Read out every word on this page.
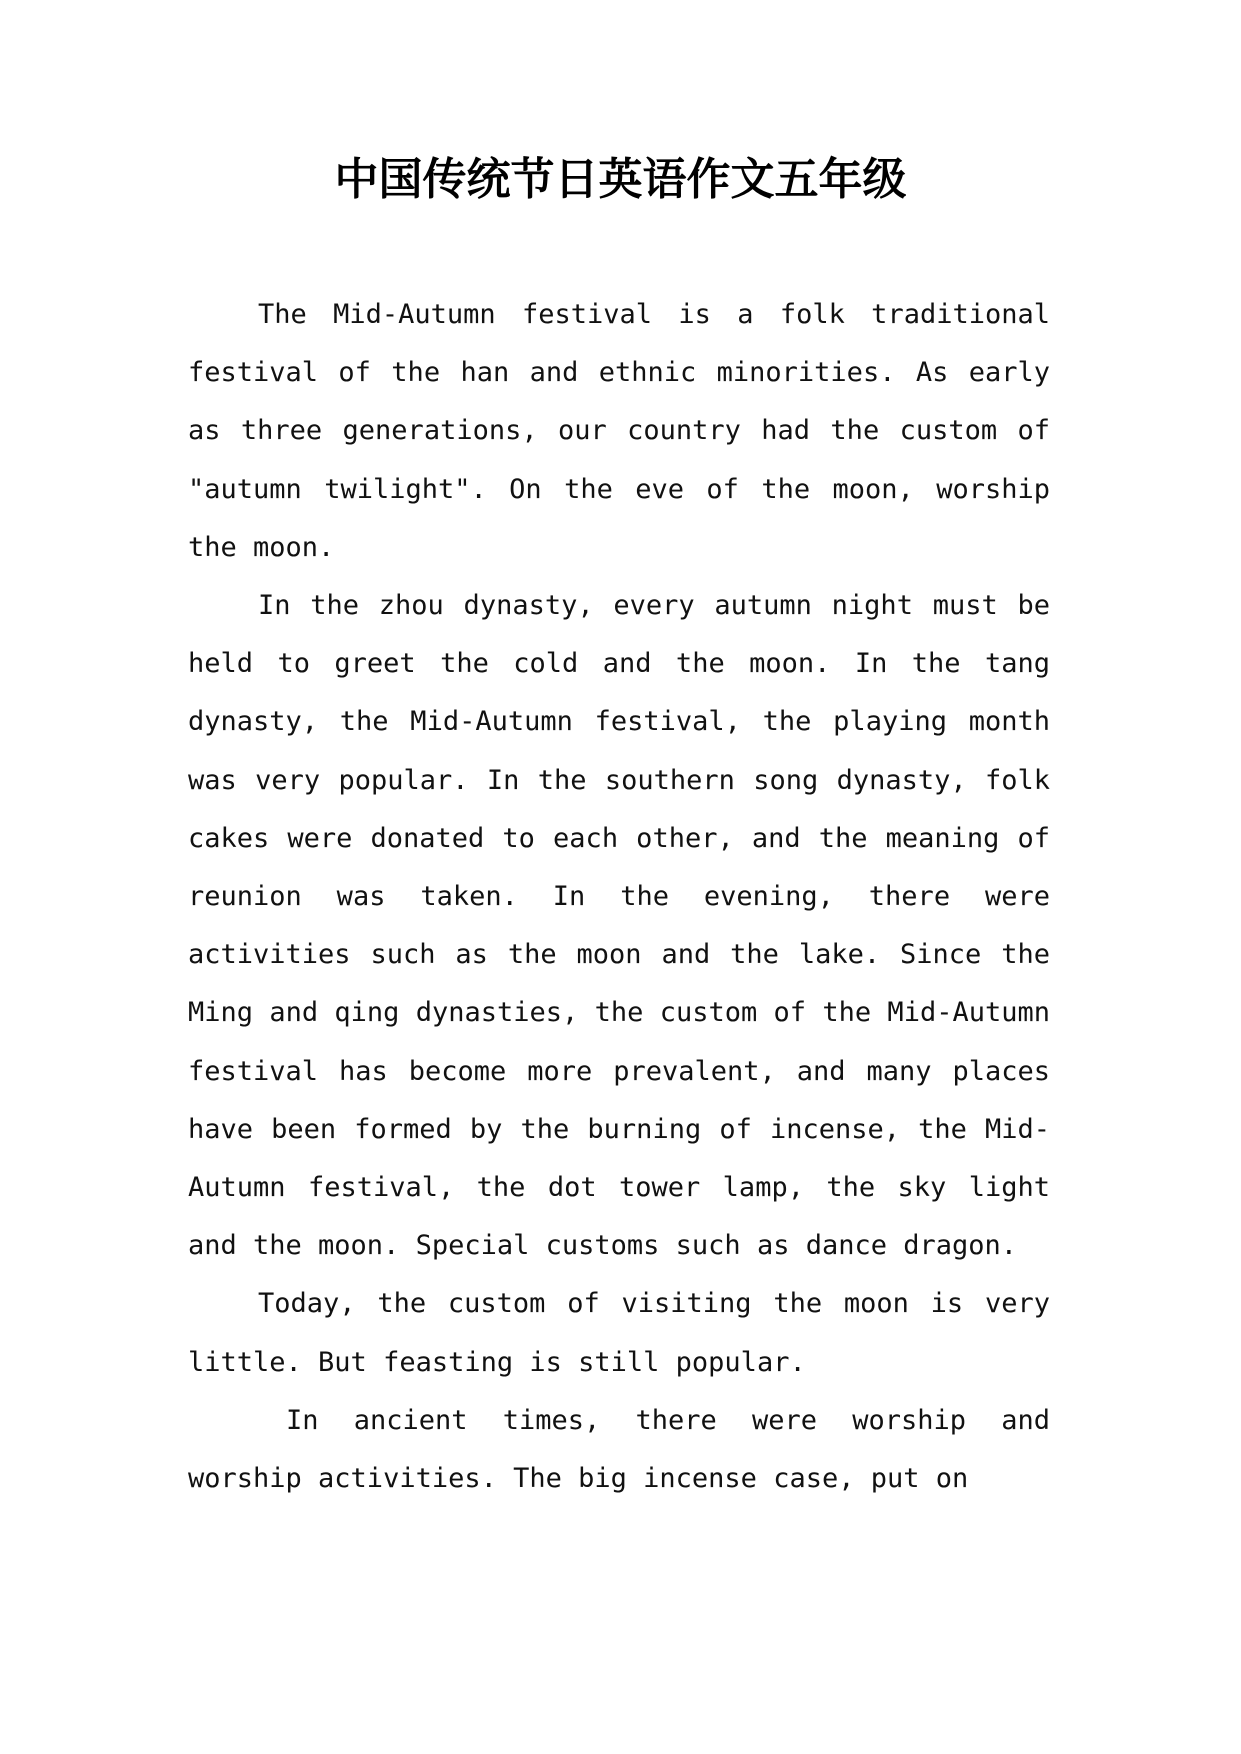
中国传统节日英语作文五年级

The Mid-Autumn festival is a folk traditional festival of the han and ethnic minorities. As early as three generations, our country had the custom of "autumn twilight". On the eve of the moon, worship the moon.

In the zhou dynasty, every autumn night must be held to greet the cold and the moon. In the tang dynasty, the Mid-Autumn festival, the playing month was very popular. In the southern song dynasty, folk cakes were donated to each other, and the meaning of reunion was taken. In the evening, there were activities such as the moon and the lake. Since the Ming and qing dynasties, the custom of the Mid-Autumn festival has become more prevalent, and many places have been formed by the burning of incense, the Mid-Autumn festival, the dot tower lamp, the sky light and the moon. Special customs such as dance dragon.

Today, the custom of visiting the moon is very little. But feasting is still popular.

In ancient times, there were worship and worship activities. The big incense case, put on
